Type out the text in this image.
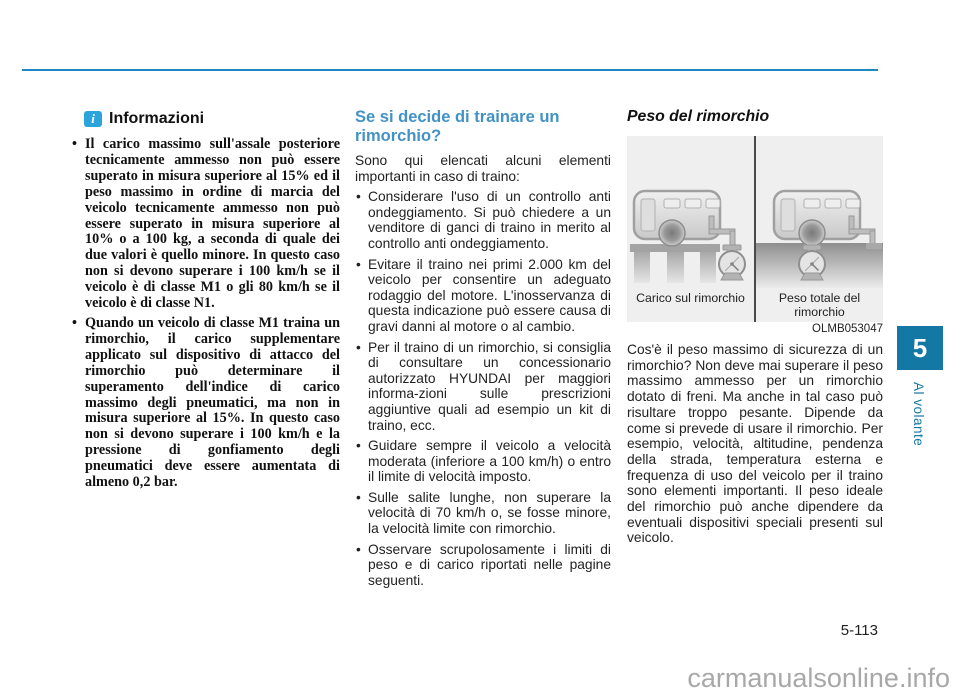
i Informazioni
• Il carico massimo sull'assale posteriore tecnicamente ammesso non può essere superato in misura superiore al 15% ed il peso massimo in ordine di marcia del veicolo tecnicamente ammesso non può essere superato in misura superiore al 10% o a 100 kg, a seconda di quale dei due valori è quello minore. In questo caso non si devono superare i 100 km/h se il veicolo è di classe M1 o gli 80 km/h se il veicolo è di classe N1.
• Quando un veicolo di classe M1 traina un rimorchio, il carico supplementare applicato sul dispositivo di attacco del rimorchio può determinare il superamento dell'indice di carico massimo degli pneumatici, ma non in misura superiore al 15%. In questo caso non si devono superare i 100 km/h e la pressione di gonfiamento degli pneumatici deve essere aumentata di almeno 0,2 bar.
Se si decide di trainare un rimorchio?

Sono qui elencati alcuni elementi importanti in caso di traino:

• Considerare l'uso di un controllo anti ondeggiamento. Si può chiedere a un venditore di ganci di traino in merito al controllo anti ondeggiamento.
• Evitare il traino nei primi 2.000 km del veicolo per consentire un adeguato rodaggio del motore. L'inosservanza di questa indicazione può essere causa di gravi danni al motore o al cambio.
• Per il traino di un rimorchio, si consiglia di consultare un concessionario autorizzato HYUNDAI per maggiori informa-zioni sulle prescrizioni aggiuntive quali ad esempio un kit di traino, ecc.
• Guidare sempre il veicolo a velocità moderata (inferiore a 100 km/h) o entro il limite di velocità imposto.
• Sulle salite lunghe, non superare la velocità di 70 km/h o, se fosse minore, la velocità limite con rimorchio.
• Osservare scrupolosamente i limiti di peso e di carico riportati nelle pagine seguenti.
Peso del rimorchio
Carico sul rimorchio	Peso totale del rimorchio
OLMB053047

Cos'è il peso massimo di sicurezza di un rimorchio? Non deve mai superare il peso massimo ammesso per un rimorchio dotato di freni. Ma anche in tal caso può risultare troppo pesante. Dipende da come si prevede di usare il rimorchio. Per esempio, velocità, altitudine, pendenza della strada, temperatura esterna e frequenza di uso del veicolo per il traino sono elementi importanti. Il peso ideale del rimorchio può anche dipendere da eventuali dispositivi speciali presenti sul veicolo.

5
Al volante
5-113
carmanualsonline.info
